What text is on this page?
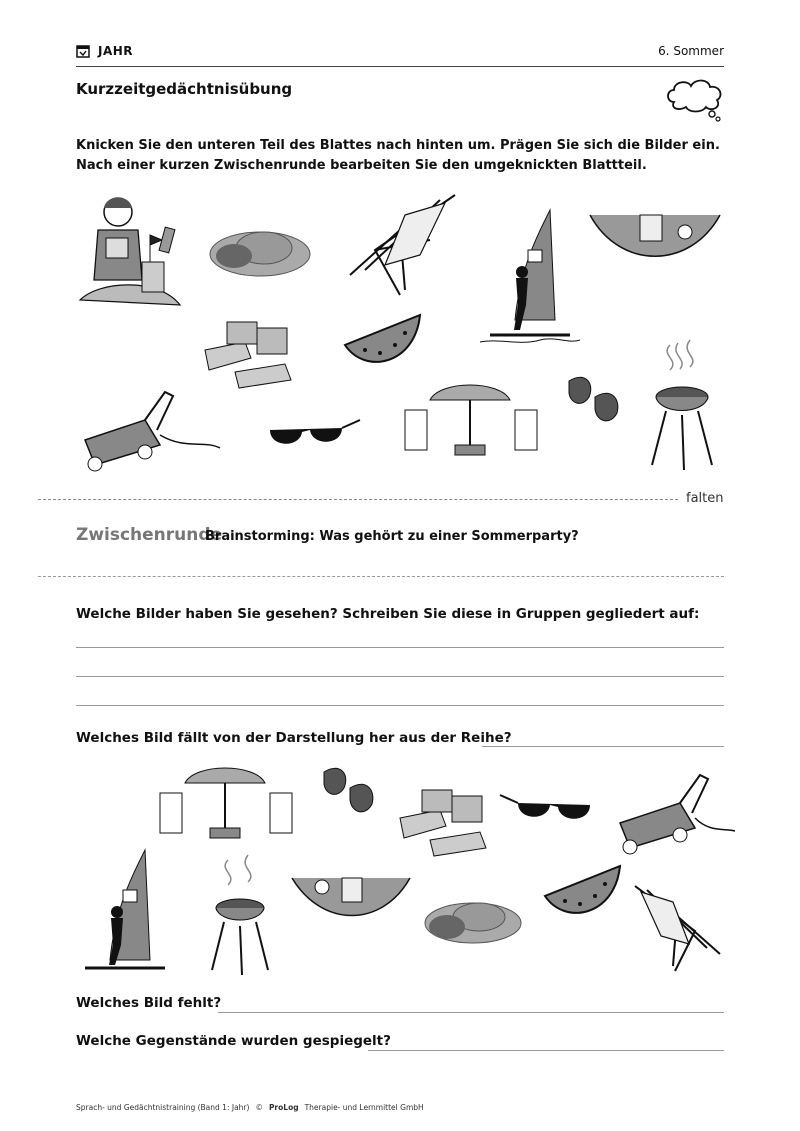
JAHR	6. Sommer
Kurzzeitgedächtnisübung
Knicken Sie den unteren Teil des Blattes nach hinten um. Prägen Sie sich die Bilder ein.
Nach einer kurzen Zwischenrunde bearbeiten Sie den umgeknickten Blattteil.
falten
Zwischenrunde
Brainstorming: Was gehört zu einer Sommerparty?
Welche Bilder haben Sie gesehen? Schreiben Sie diese in Gruppen gegliedert auf:
Welches Bild fällt von der Darstellung her aus der Reihe?
Welches Bild fehlt?
Welche Gegenstände wurden gespiegelt?
Sprach- und Gedächtnistraining (Band 1: Jahr) © ProLog Therapie- und Lernmittel GmbH
